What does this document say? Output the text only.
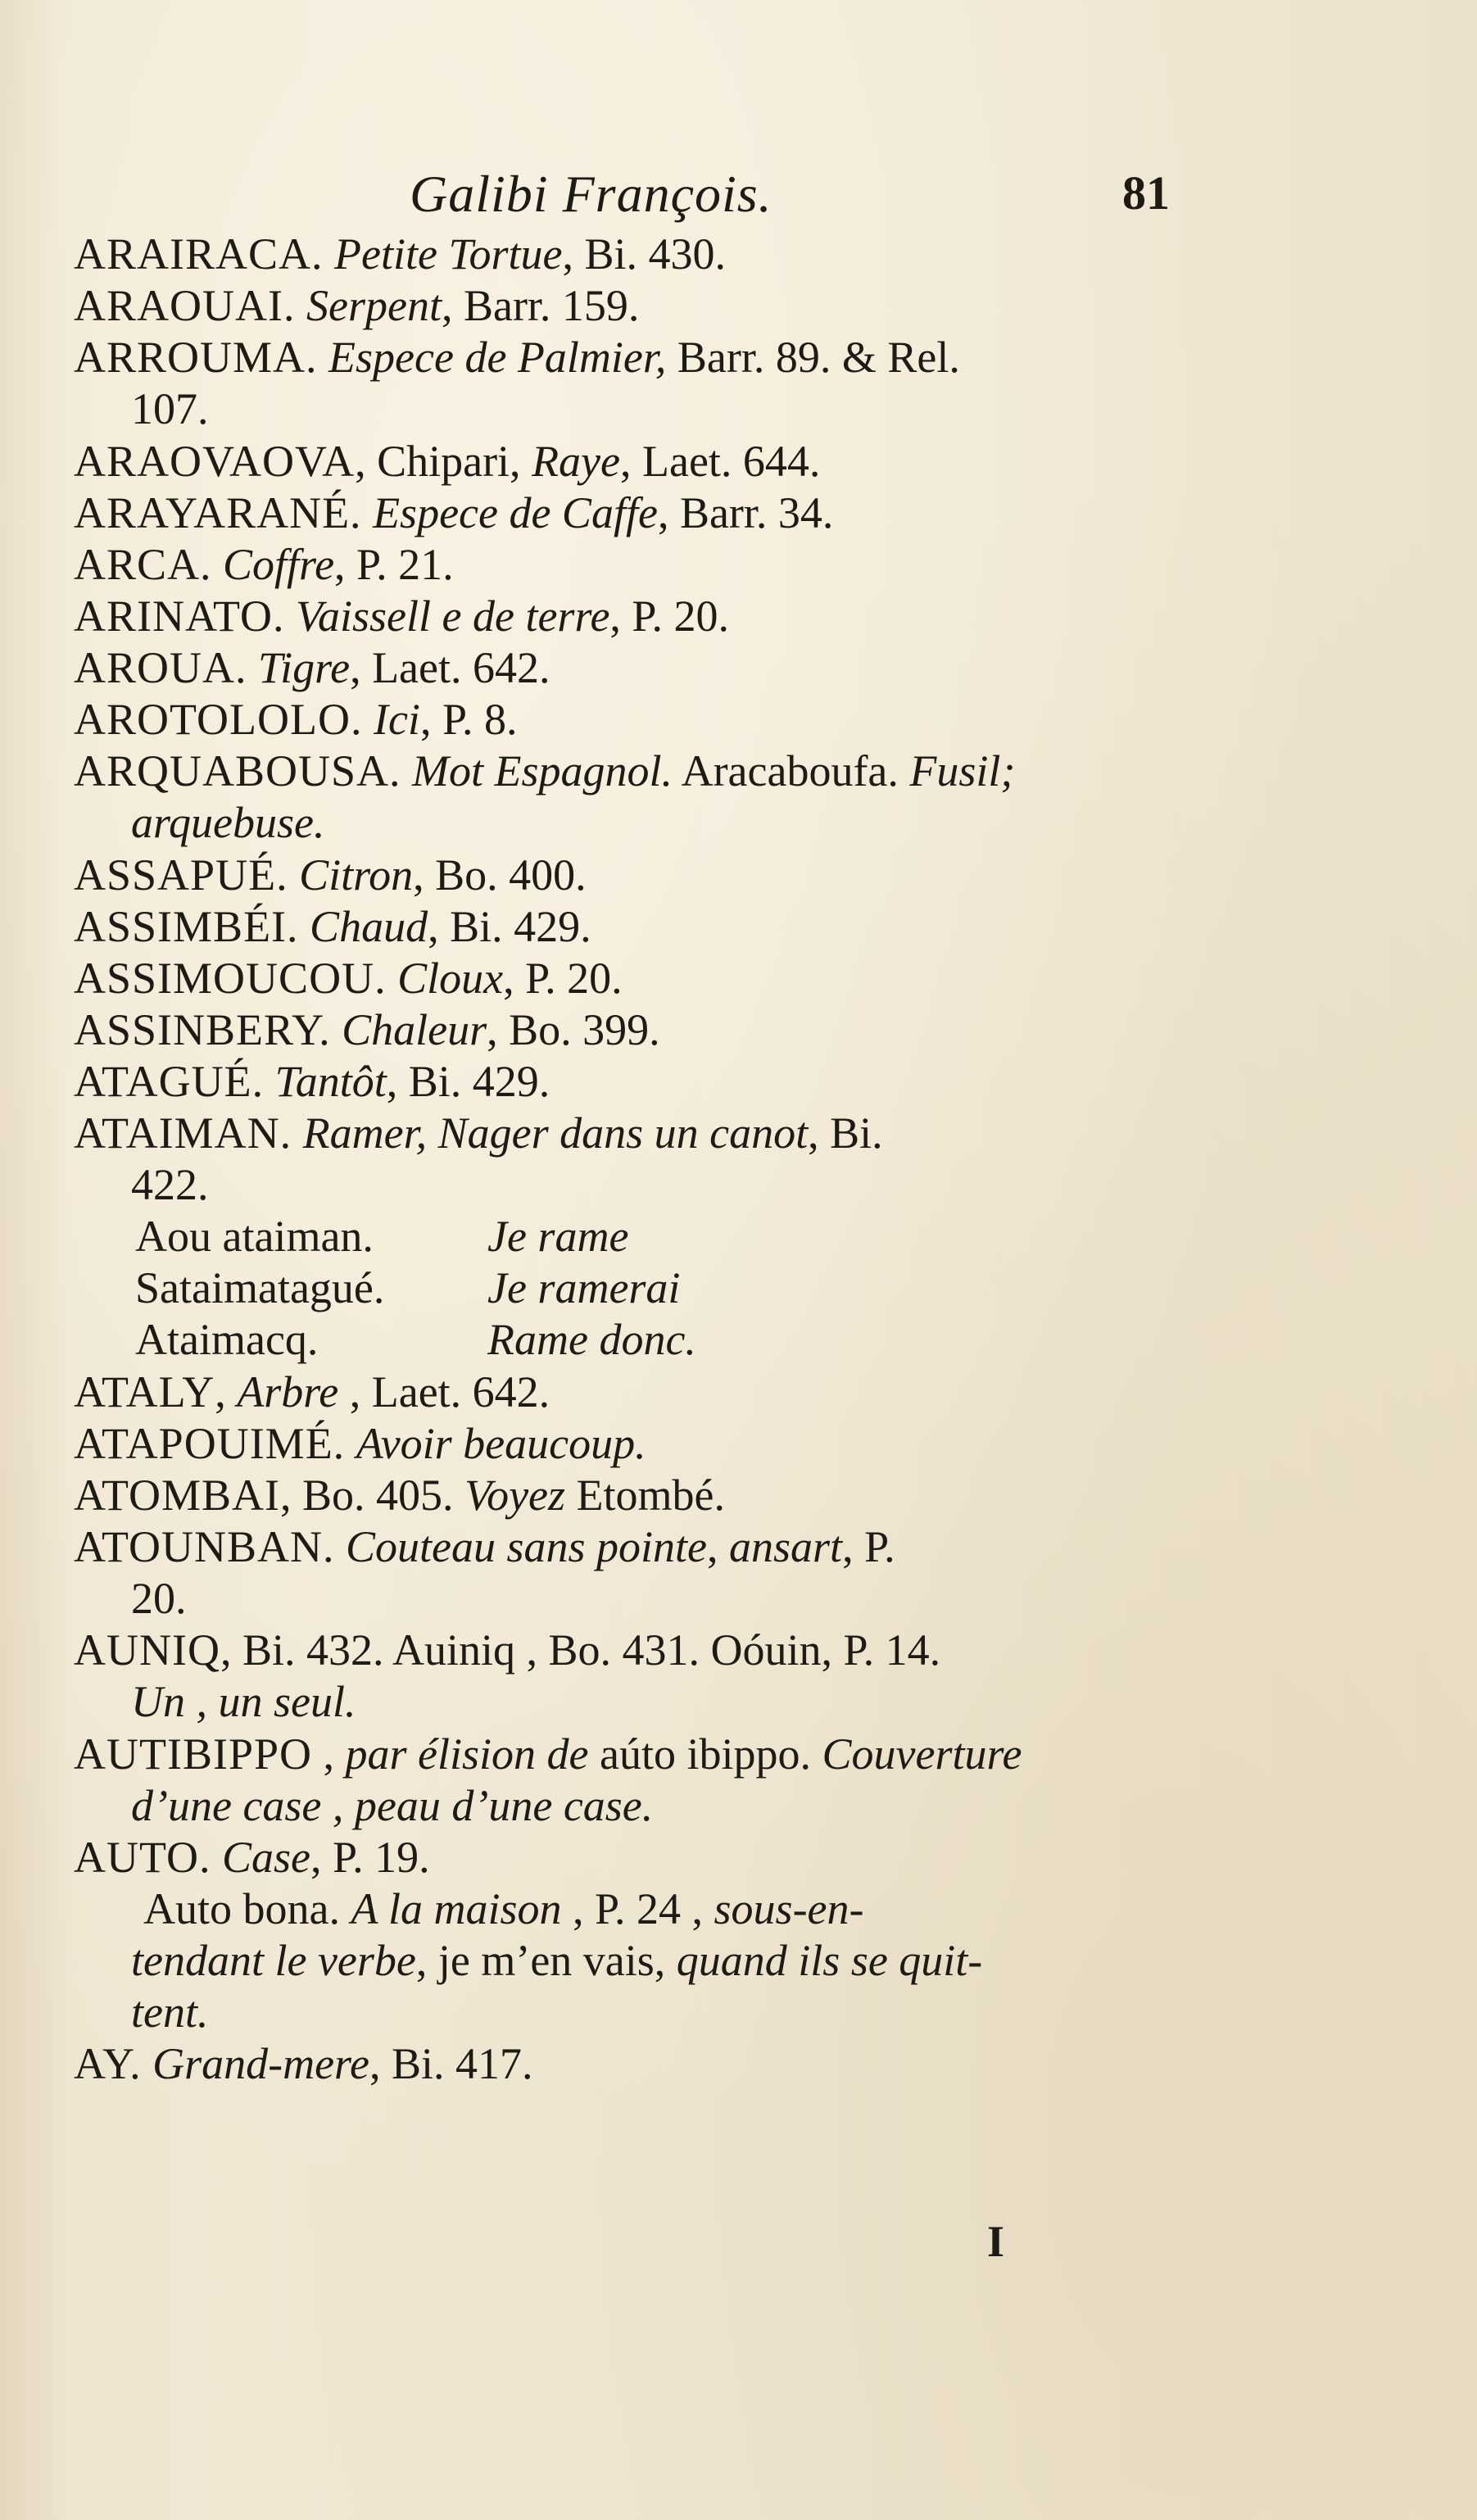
Galibi François.	81
ARAIRACA. Petite Tortue, Bi. 430.
ARAOUAI. Serpent, Barr. 159.
ARROUMA. Espece de Palmier, Barr. 89. & Rel.
107.
ARAOVAOVA, Chipari, Raye, Laet. 644.
ARAYARANÉ. Espece de Caffe, Barr. 34.
ARCA. Coffre, P. 21.
ARINATO. Vaissell e de terre, P. 20.
AROUA. Tigre, Laet. 642.
AROTOLOLO. Ici, P. 8.
ARQUABOUSA. Mot Espagnol. Aracaboufa. Fusil;
arquebuse.
ASSAPUÉ. Citron, Bo. 400.
ASSIMBÉI. Chaud, Bi. 429.
ASSIMOUCOU. Cloux, P. 20.
ASSINBERY. Chaleur, Bo. 399.
ATAGUÉ. Tantôt, Bi. 429.
ATAIMAN. Ramer, Nager dans un canot, Bi.
422.
Aou ataiman.	Je rame
Sataimatagué. Je ramerai
Ataimacq.	Rame donc.
ATALY, Arbre , Laet. 642.
ATAPOUIMÉ. Avoir beaucoup.
ATOMBAI, Bo. 405. Voyez Etombé.
ATOUNBAN. Couteau sans pointe, ansart, P.
20.
AUNIQ, Bi. 432. Auiniq , Bo. 431. Oóuin, P. 14.
Un , un seul.
AUTIBIPPO , par élision de aúto ibippo. Couverture
d’une case , peau d’une case.
AUTO. Case, P. 19.
Auto bona. A la maison , P. 24 , sous-en-
tendant le verbe, je m’en vais, quand ils se quit-
tent.
AY. Grand-mere, Bi. 417.
I
